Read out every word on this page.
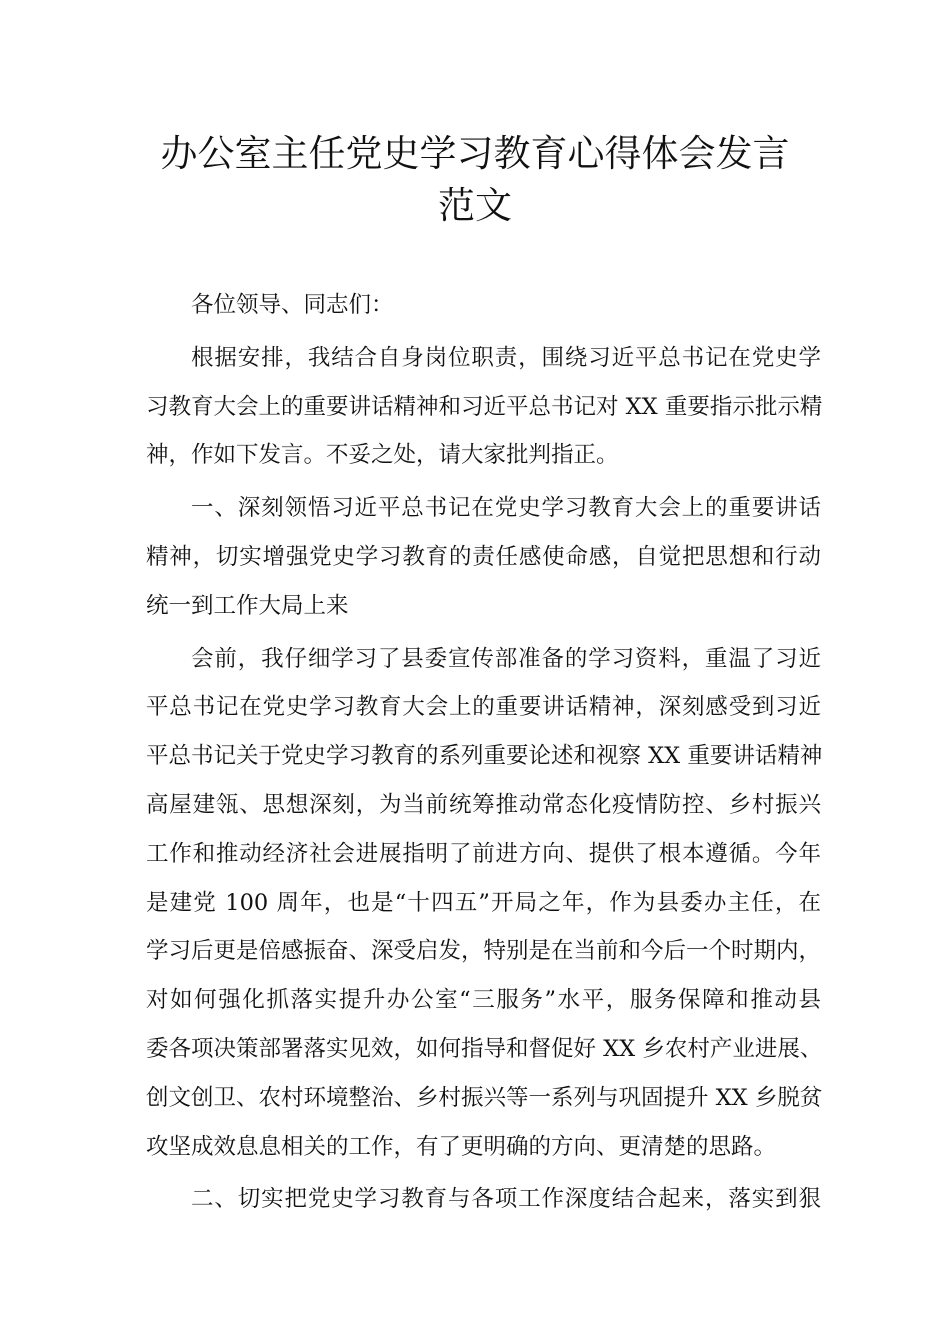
办公室主任党史学习教育心得体会发言
范文
各位领导、同志们：
根据安排，我结合自身岗位职责，围绕习近平总书记在党史学
习教育大会上的重要讲话精神和习近平总书记对 XX 重要指示批示精
神，作如下发言。不妥之处，请大家批判指正。
一、深刻领悟习近平总书记在党史学习教育大会上的重要讲话
精神，切实增强党史学习教育的责任感使命感，自觉把思想和行动
统一到工作大局上来
会前，我仔细学习了县委宣传部准备的学习资料，重温了习近
平总书记在党史学习教育大会上的重要讲话精神，深刻感受到习近
平总书记关于党史学习教育的系列重要论述和视察 XX 重要讲话精神
高屋建瓴、思想深刻，为当前统筹推动常态化疫情防控、乡村振兴
工作和推动经济社会进展指明了前进方向、提供了根本遵循。今年
是建党 100 周年，也是“十四五”开局之年，作为县委办主任，在
学习后更是倍感振奋、深受启发，特别是在当前和今后一个时期内，
对如何强化抓落实提升办公室“三服务”水平，服务保障和推动县
委各项决策部署落实见效，如何指导和督促好 XX 乡农村产业进展、
创文创卫、农村环境整治、乡村振兴等一系列与巩固提升 XX 乡脱贫
攻坚成效息息相关的工作，有了更明确的方向、更清楚的思路。
二、切实把党史学习教育与各项工作深度结合起来，落实到狠
